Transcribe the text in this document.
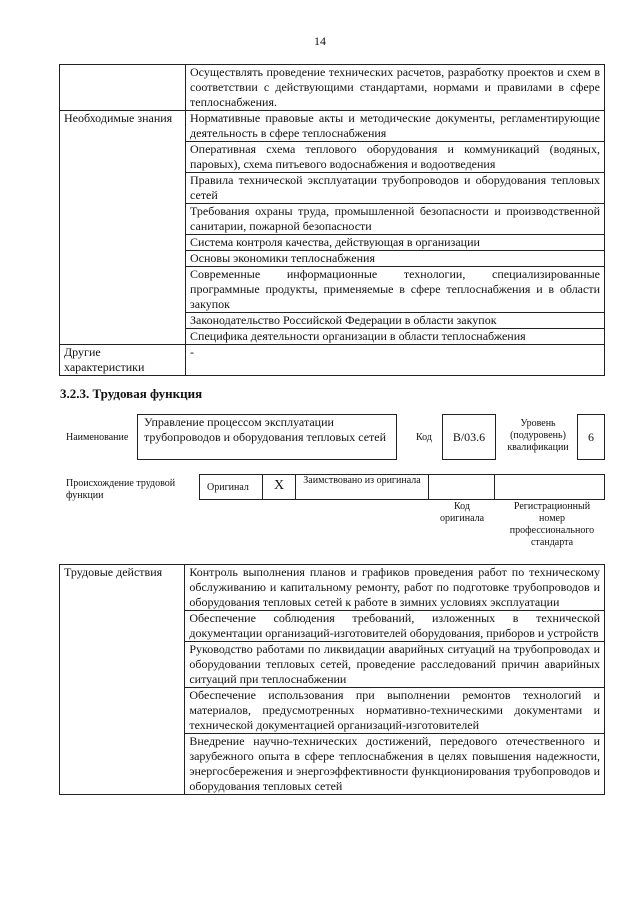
14
	Осуществлять проведение технических расчетов, разработку проектов и схем в соответствии с действующими стандартами, нормами и правилами в сфере теплоснабжения.
Необходимые знания	Нормативные правовые акты и методические документы, регламентирующие деятельность в сфере теплоснабжения
	Оперативная схема теплового оборудования и коммуникаций (водяных, паровых), схема питьевого водоснабжения и водоотведения
	Правила технической эксплуатации трубопроводов и оборудования тепловых сетей
	Требования охраны труда, промышленной безопасности и производственной санитарии, пожарной безопасности
	Система контроля качества, действующая в организации
	Основы экономики теплоснабжения
	Современные информационные технологии, специализированные программные продукты, применяемые в сфере теплоснабжения и в области закупок
	Законодательство Российской Федерации в области закупок
	Специфика деятельности организации в области теплоснабжения
Другие характеристики	-
3.2.3. Трудовая функция
Наименование
Управление процессом эксплуатации трубопроводов и оборудования тепловых сетей	Код	B/03.6
Уровень (подуровень) квалификации
6
Происхождение трудовой функции
Оригинал	X	Заимствовано из оригинала
Код оригинала
Регистрационный номер профессионального стандарта
Трудовые действия	Контроль выполнения планов и графиков проведения работ по техническому обслуживанию и капитальному ремонту, работ по подготовке трубопроводов и оборудования тепловых сетей к работе в зимних условиях эксплуатации
Обеспечение соблюдения требований, изложенных в технической документации организаций-изготовителей оборудования, приборов и устройств
Руководство работами по ликвидации аварийных ситуаций на трубопроводах и оборудовании тепловых сетей, проведение расследований причин аварийных ситуаций при теплоснабжении
Обеспечение использования при выполнении ремонтов технологий и материалов, предусмотренных нормативно-техническими документами и технической документацией организаций-изготовителей
Внедрение научно-технических достижений, передового отечественного и зарубежного опыта в сфере теплоснабжения в целях повышения надежности, энергосбережения и энергоэффективности функционирования трубопроводов и оборудования тепловых сетей
